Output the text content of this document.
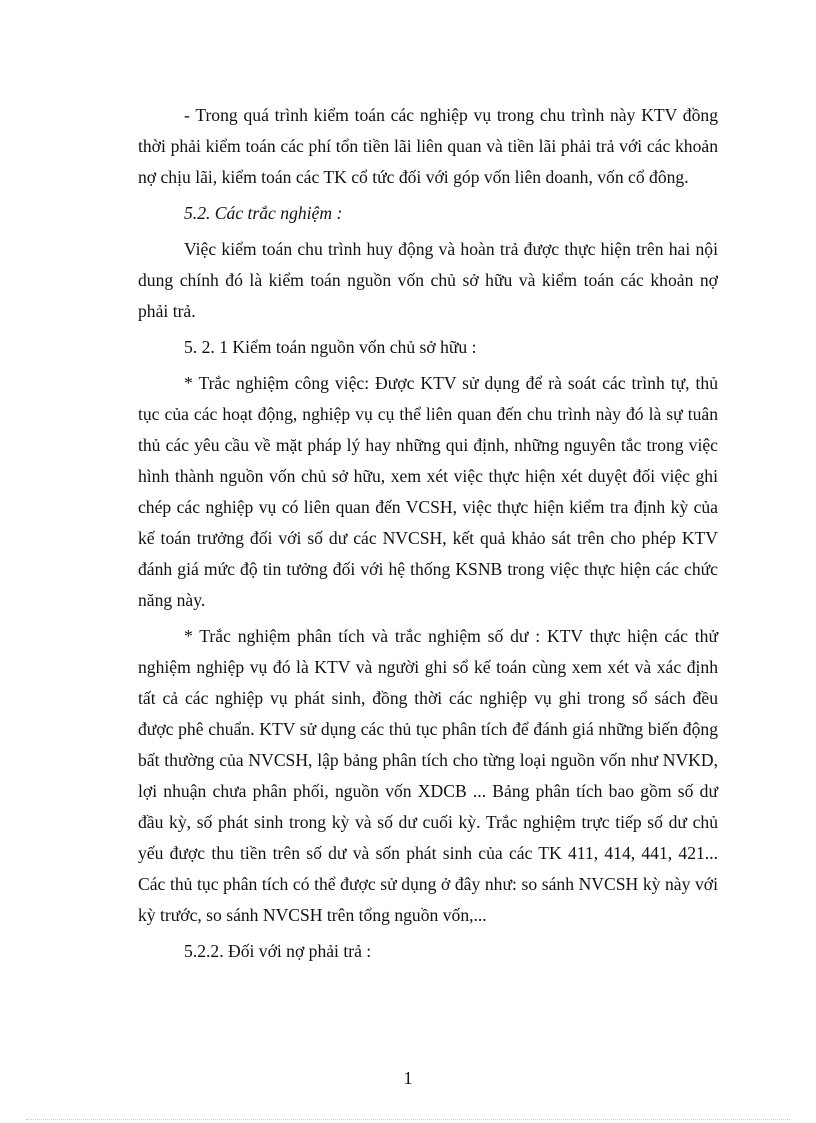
- Trong quá trình kiểm toán các nghiệp vụ trong chu trình này KTV đồng thời phải kiểm toán các phí tổn tiền lãi liên quan và tiền lãi phải trả với các khoản nợ chịu lãi, kiểm toán các TK cổ tức đối với góp vốn liên doanh, vốn cổ đông.

5.2. Các trắc nghiệm :

Việc kiểm toán chu trình huy động và hoàn trả được thực hiện trên hai nội dung chính đó là kiểm toán nguồn vốn chủ sở hữu và kiểm toán các khoản nợ phải trả.

5. 2. 1 Kiểm toán nguồn vốn chủ sở hữu :

* Trắc nghiệm công việc: Được KTV sử dụng để rà soát các trình tự, thủ tục của các hoạt động, nghiệp vụ cụ thể liên quan đến chu trình này đó là sự tuân thủ các yêu cầu về mặt pháp lý hay những qui định, những nguyên tắc trong việc hình thành nguồn vốn chủ sở hữu, xem xét việc thực hiện xét duyệt đối việc ghi chép các nghiệp vụ có liên quan đến VCSH, việc thực hiện kiểm tra định kỳ của kế toán trưởng đối với số dư các NVCSH, kết quả khảo sát trên cho phép KTV đánh giá mức độ tin tưởng đối với hệ thống KSNB trong việc thực hiện các chức năng này.

* Trắc nghiệm phân tích và trắc nghiệm số dư : KTV thực hiện các thử nghiệm nghiệp vụ đó là KTV và người ghi sổ kế toán cùng xem xét và xác định tất cả các nghiệp vụ phát sinh, đồng thời các nghiệp vụ ghi trong sổ sách đều được phê chuẩn. KTV sử dụng các thủ tục phân tích để đánh giá những biến động bất thường của NVCSH, lập bảng phân tích cho từng loại nguồn vốn như NVKD, lợi nhuận chưa phân phối, nguồn vốn XDCB ... Bảng phân tích bao gồm số dư đầu kỳ, số phát sinh trong kỳ và số dư cuối kỳ. Trắc nghiệm trực tiếp số dư chủ yếu được thu tiền trên số dư và sốn phát sinh của các TK 411, 414, 441, 421... Các thủ tục phân tích có thể được sử dụng ở đây như: so sánh NVCSH kỳ này với kỳ trước, so sánh NVCSH trên tổng nguồn vốn,...

5.2.2. Đối với nợ phải trả :

1
